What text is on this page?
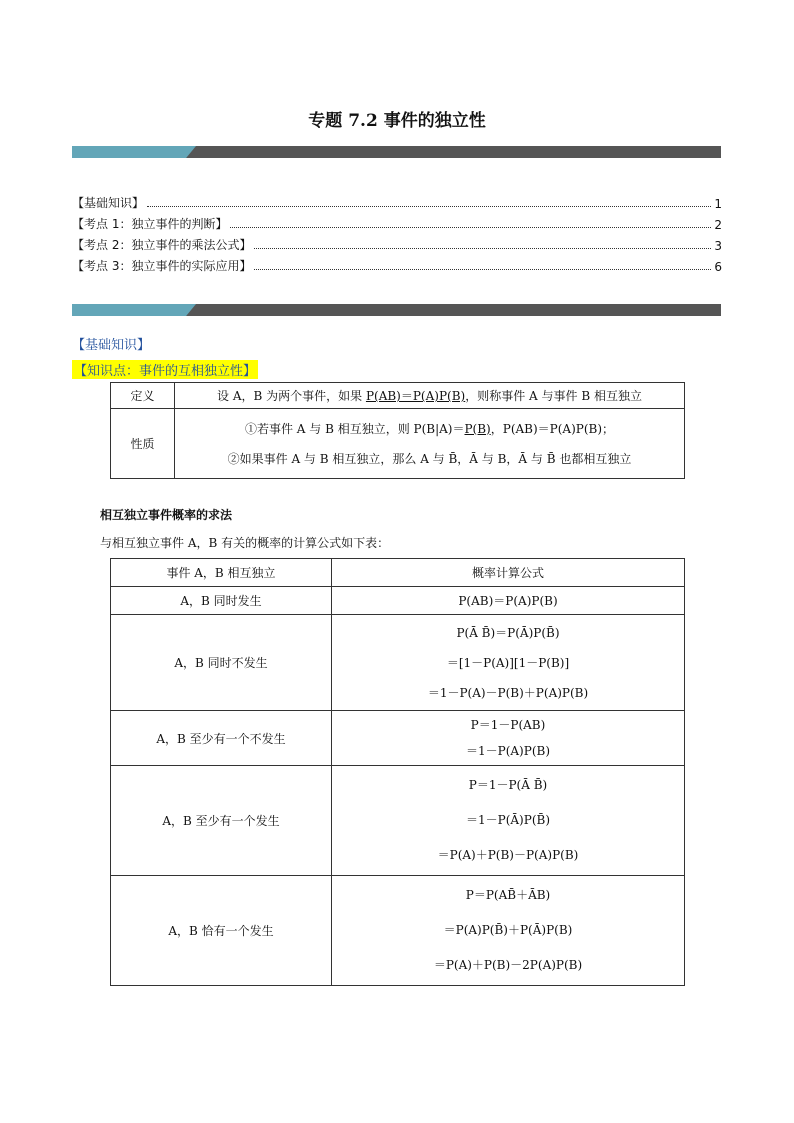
专题 7.2 事件的独立性
【基础知识】	1
【考点 1：独立事件的判断】	2
【考点 2：独立事件的乘法公式】	3
【考点 3：独立事件的实际应用】	6
【基础知识】
【知识点：事件的互相独立性】
定义	设 A，B 为两个事件，如果 P(AB)＝P(A)P(B)，则称事件 A 与事件 B 相互独立
性质	①若事件 A 与 B 相互独立，则 P(B|A)＝P(B)，P(AB)＝P(A)P(B)；
②如果事件 A 与 B 相互独立，那么 A 与 B̄，Ā 与 B，Ā 与 B̄ 也都相互独立
相互独立事件概率的求法
与相互独立事件 A，B 有关的概率的计算公式如下表：
事件 A，B 相互独立	概率计算公式
A，B 同时发生	P(AB)＝P(A)P(B)
A，B 同时不发生	P(Ā B̄)＝P(Ā)P(B̄)
＝[1－P(A)][1－P(B)]
＝1－P(A)－P(B)＋P(A)P(B)

A，B 至少有一个不发生	P＝1－P(AB)
＝1－P(A)P(B)

A，B 至少有一个发生	P＝1－P(Ā B̄)
＝1－P(Ā)P(B̄)
＝P(A)＋P(B)－P(A)P(B)

A，B 恰有一个发生	P＝P(AB̄＋ĀB)
＝P(A)P(B̄)＋P(Ā)P(B)
＝P(A)＋P(B)－2P(A)P(B)
